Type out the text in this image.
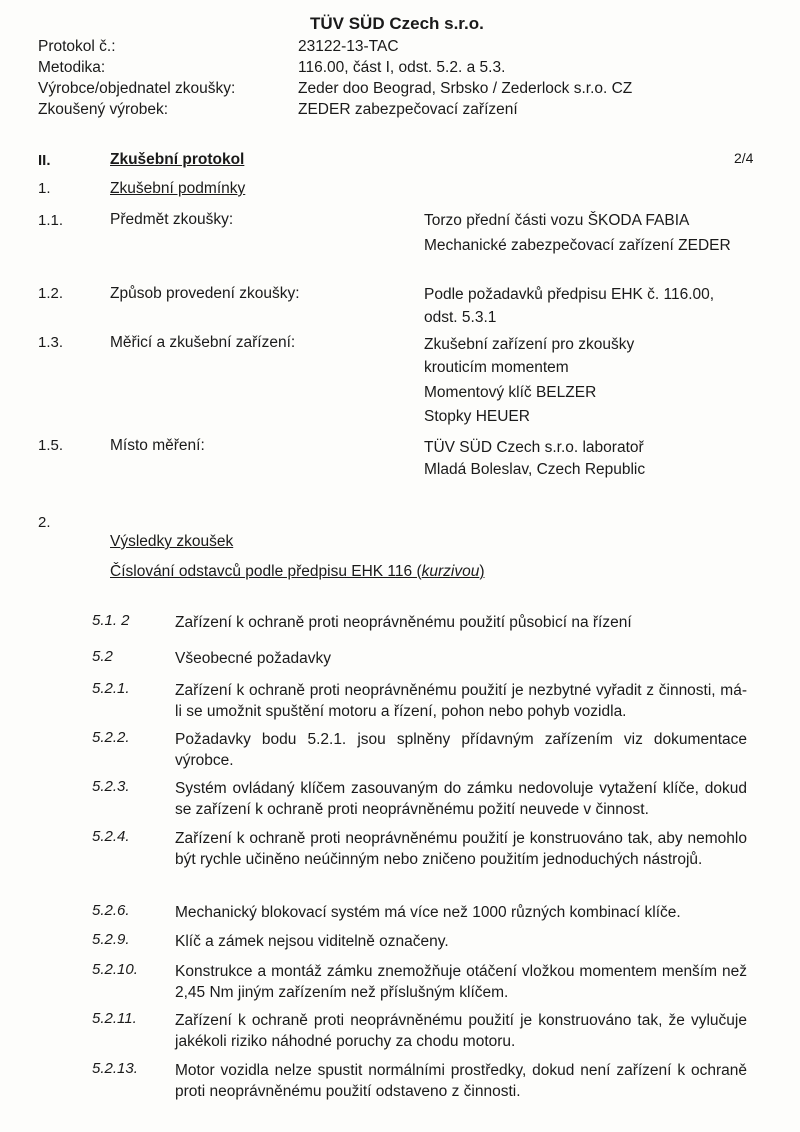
TÜV SÜD Czech s.r.o.
Protokol č.:	23122-13-TAC
Metodika:	116.00, část I, odst. 5.2. a 5.3.
Výrobce/objednatel zkoušky:	Zeder doo Beograd, Srbsko / Zederlock s.r.o. CZ
Zkoušený výrobek:	ZEDER zabezpečovací zařízení
2/4
II.	Zkušební protokol
1.	Zkušební podmínky
1.1.	Předmět zkoušky:	Torzo přední části vozu ŠKODA FABIA
Mechanické zabezpečovací zařízení ZEDER
1.2.	Způsob provedení zkoušky:	Podle požadavků předpisu EHK č. 116.00, odst. 5.3.1
1.3.	Měřicí a zkušební zařízení:	Zkušební zařízení pro zkoušky krouticím momentem
Momentový klíč BELZER
Stopky HEUER
1.5.	Místo měření:	TÜV SÜD Czech s.r.o. laboratoř
Mladá Boleslav, Czech Republic
2.
Výsledky zkoušek
Číslování odstavců podle předpisu EHK 116 (kurzivou)
5.1. 2	Zařízení k ochraně proti neoprávněnému použití působicí na řízení
5.2	Všeobecné požadavky
5.2.1.	Zařízení k ochraně proti neoprávněnému použití je nezbytné vyřadit z činnosti, má-li se umožnit spuštění motoru a řízení, pohon nebo pohyb vozidla.
5.2.2.	Požadavky bodu 5.2.1. jsou splněny přídavným zařízením viz dokumentace výrobce.
5.2.3.	Systém ovládaný klíčem zasouvaným do zámku nedovoluje vytažení klíče, dokud se zařízení k ochraně proti neoprávněnému požití neuvede v činnost.
5.2.4.	Zařízení k ochraně proti neoprávněnému použití je konstruováno tak, aby nemohlo být rychle učiněno neúčinným nebo zničeno použitím jednoduchých nástrojů.
5.2.6.	Mechanický blokovací systém má více než 1000 různých kombinací klíče.
5.2.9.	Klíč a zámek nejsou viditelně označeny.
5.2.10. Konstrukce a montáž zámku znemožňuje otáčení vložkou momentem menším než 2,45 Nm jiným zařízením než příslušným klíčem.
5.2.11. Zařízení k ochraně proti neoprávněnému použití je konstruováno tak, že vylučuje jakékoli riziko náhodné poruchy za chodu motoru.
5.2.13. Motor vozidla nelze spustit normálními prostředky, dokud není zařízení k ochraně proti neoprávněnému použití odstaveno z činnosti.
